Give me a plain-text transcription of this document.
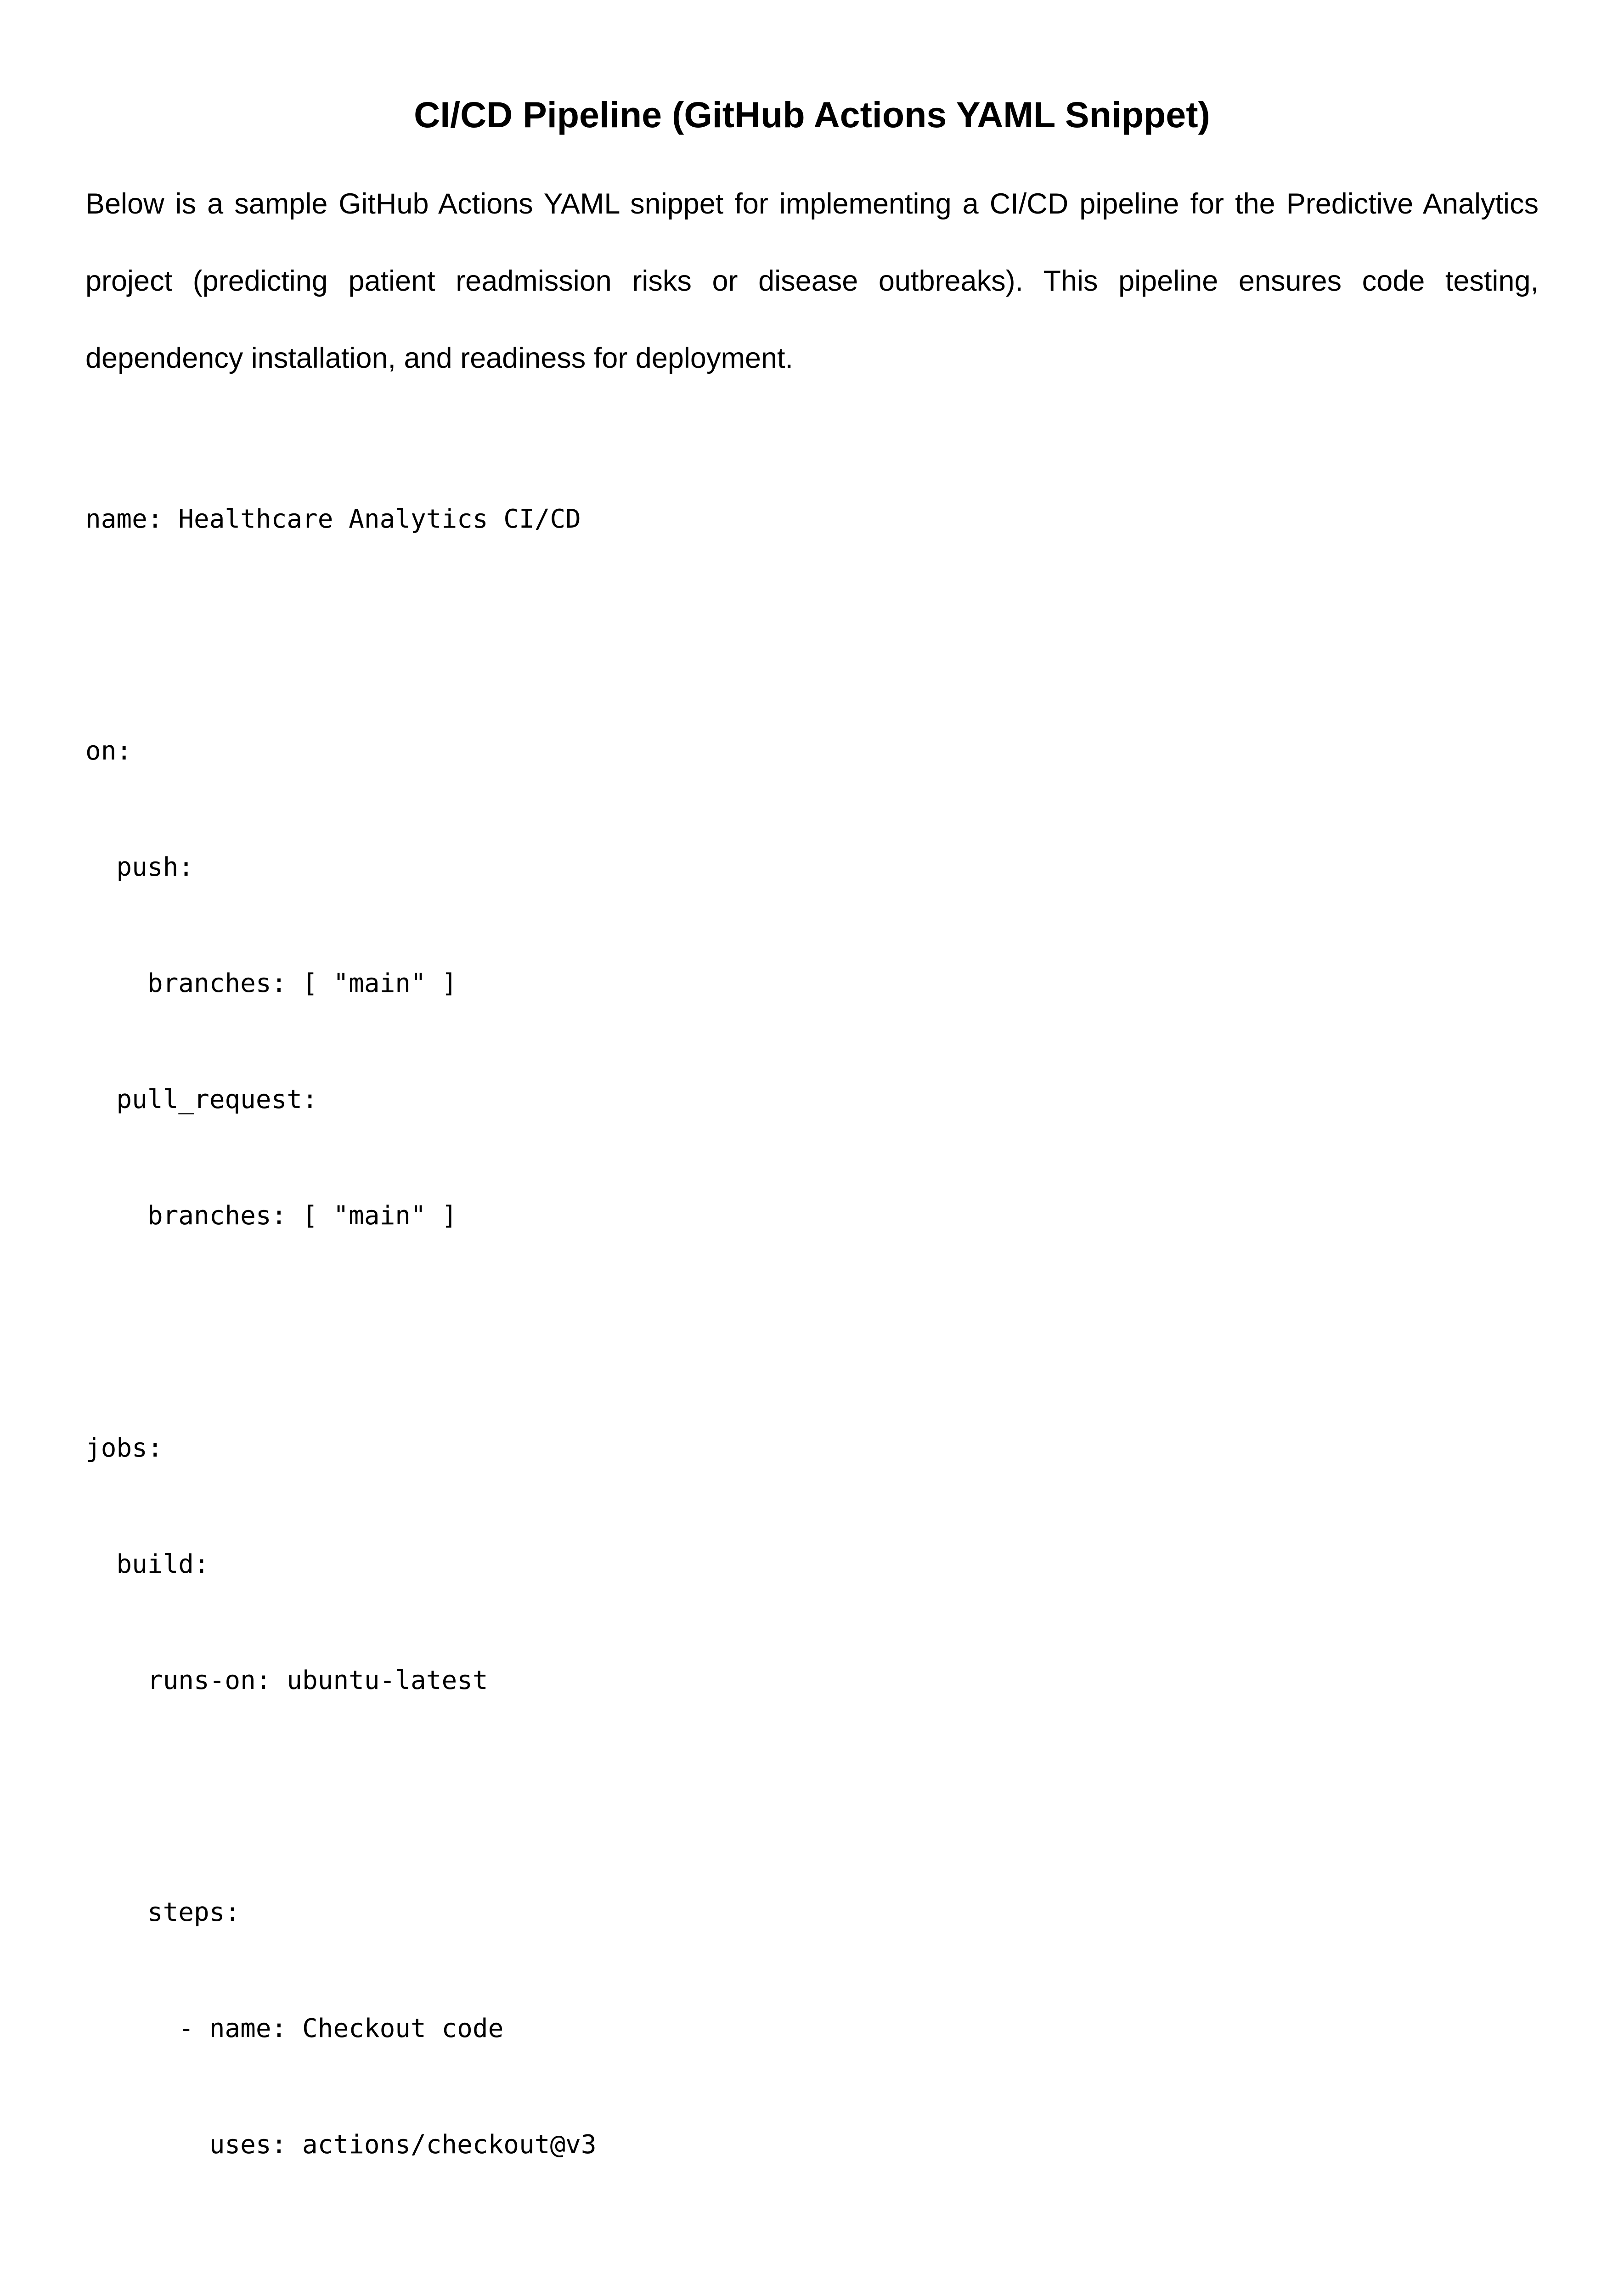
CI/CD Pipeline (GitHub Actions YAML Snippet)

Below is a sample GitHub Actions YAML snippet for implementing a CI/CD pipeline for the Predictive Analytics project (predicting patient readmission risks or disease outbreaks). This pipeline ensures code testing, dependency installation, and readiness for deployment.

name: Healthcare Analytics CI/CD

on:

push:

branches: [ "main" ]

pull_request:

branches: [ "main" ]

jobs:

build:

runs-on: ubuntu-latest

steps:

- name: Checkout code

uses: actions/checkout@v3
